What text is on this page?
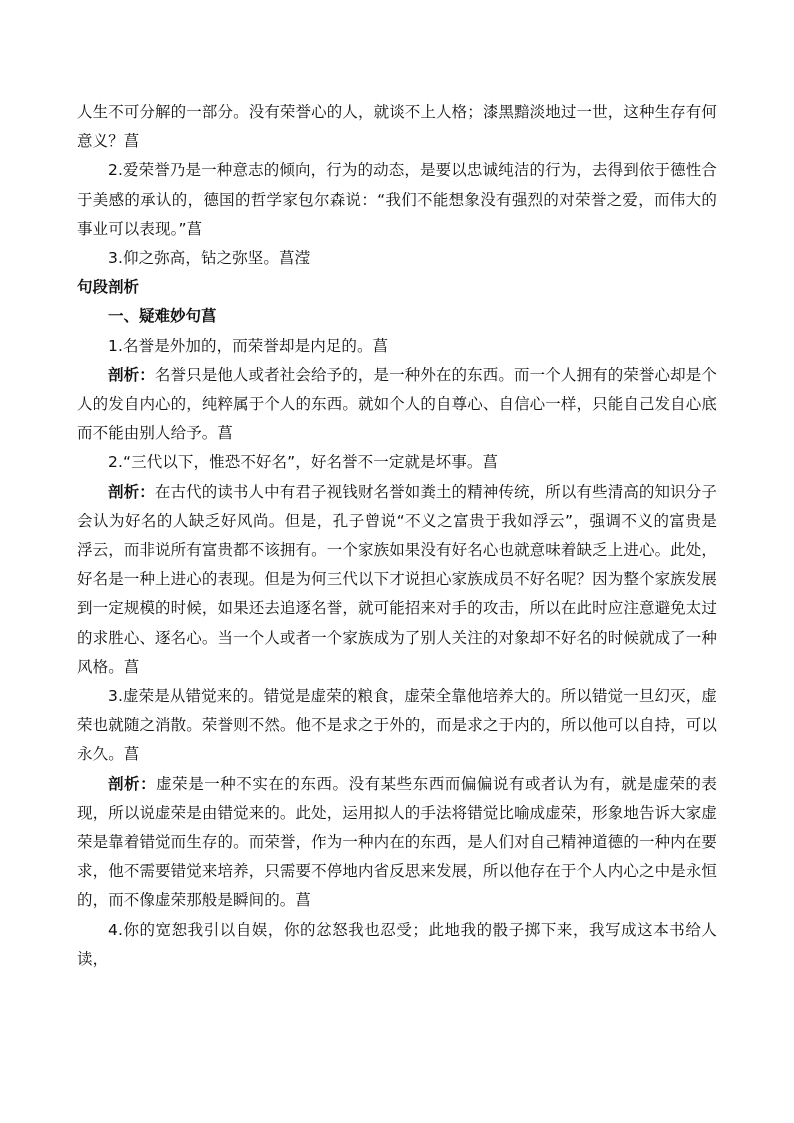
人生不可分解的一部分。没有荣誉心的人，就谈不上人格；漆黑黯淡地过一世，这种生存有何意义？菖

2.爱荣誉乃是一种意志的倾向，行为的动态，是要以忠诚纯洁的行为，去得到依于德性合于美感的承认的，德国的哲学家包尔森说：“我们不能想象没有强烈的对荣誉之爱，而伟大的事业可以表现。”菖

3.仰之弥高，钻之弥坚。菖滢

句段剖析

一、疑难妙句菖

1.名誉是外加的，而荣誉却是内足的。菖

剖析：名誉只是他人或者社会给予的，是一种外在的东西。而一个人拥有的荣誉心却是个人的发自内心的，纯粹属于个人的东西。就如个人的自尊心、自信心一样，只能自己发自心底而不能由别人给予。菖

2.“三代以下，惟恐不好名”，好名誉不一定就是坏事。菖

剖析：在古代的读书人中有君子视钱财名誉如粪土的精神传统，所以有些清高的知识分子会认为好名的人缺乏好风尚。但是，孔子曾说“不义之富贵于我如浮云”，强调不义的富贵是浮云，而非说所有富贵都不该拥有。一个家族如果没有好名心也就意味着缺乏上进心。此处，好名是一种上进心的表现。但是为何三代以下才说担心家族成员不好名呢？因为整个家族发展到一定规模的时候，如果还去追逐名誉，就可能招来对手的攻击，所以在此时应注意避免太过的求胜心、逐名心。当一个人或者一个家族成为了别人关注的对象却不好名的时候就成了一种风格。菖

3.虚荣是从错觉来的。错觉是虚荣的粮食，虚荣全靠他培养大的。所以错觉一旦幻灭，虚荣也就随之消散。荣誉则不然。他不是求之于外的，而是求之于内的，所以他可以自持，可以永久。菖

剖析：虚荣是一种不实在的东西。没有某些东西而偏偏说有或者认为有，就是虚荣的表现，所以说虚荣是由错觉来的。此处，运用拟人的手法将错觉比喻成虚荣，形象地告诉大家虚荣是靠着错觉而生存的。而荣誉，作为一种内在的东西，是人们对自己精神道德的一种内在要求，他不需要错觉来培养，只需要不停地内省反思来发展，所以他存在于个人内心之中是永恒的，而不像虚荣那般是瞬间的。菖

4.你的宽恕我引以自娱，你的忿怒我也忍受；此地我的骰子掷下来，我写成这本书给人读，
